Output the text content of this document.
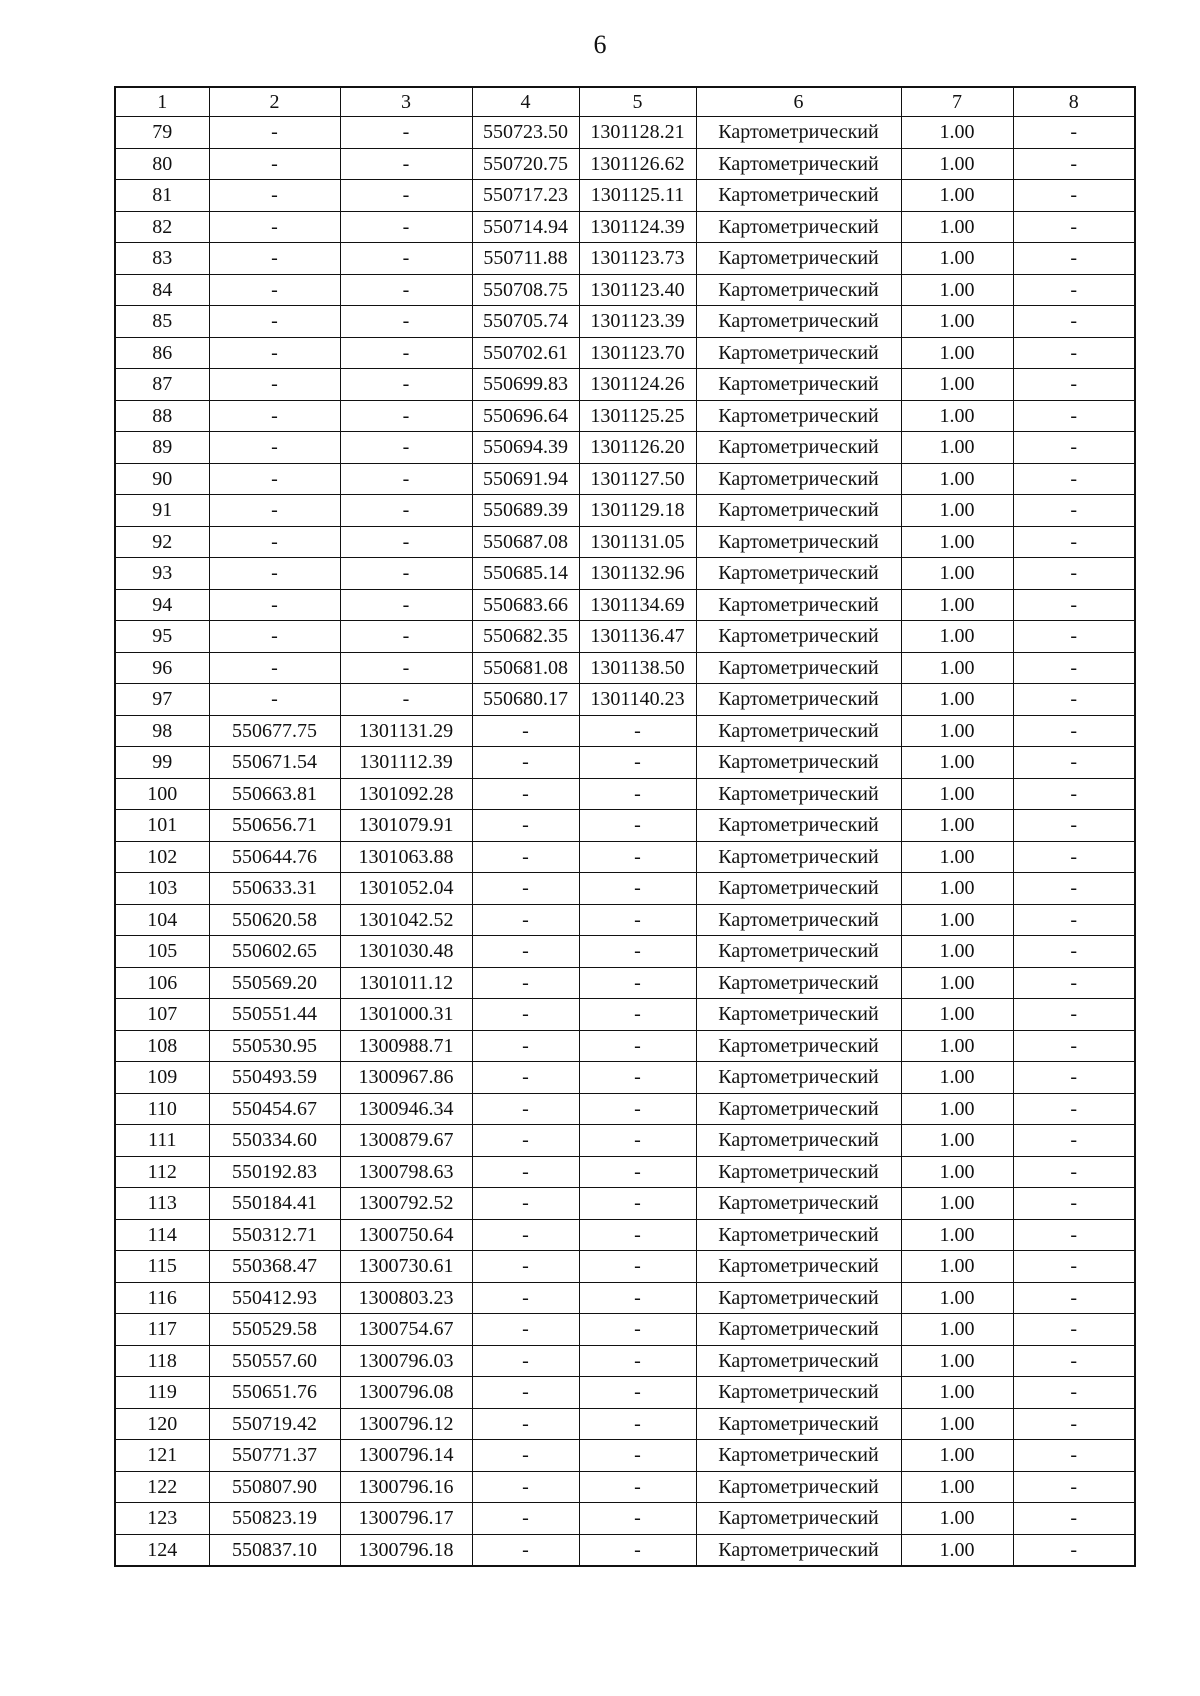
6
1	2	3	4	5	6	7	8
79	-	-	550723.50	1301128.21	Картометрический	1.00	-
80	-	-	550720.75	1301126.62	Картометрический	1.00	-
81	-	-	550717.23	1301125.11	Картометрический	1.00	-
82	-	-	550714.94	1301124.39	Картометрический	1.00	-
83	-	-	550711.88	1301123.73	Картометрический	1.00	-
84	-	-	550708.75	1301123.40	Картометрический	1.00	-
85	-	-	550705.74	1301123.39	Картометрический	1.00	-
86	-	-	550702.61	1301123.70	Картометрический	1.00	-
87	-	-	550699.83	1301124.26	Картометрический	1.00	-
88	-	-	550696.64	1301125.25	Картометрический	1.00	-
89	-	-	550694.39	1301126.20	Картометрический	1.00	-
90	-	-	550691.94	1301127.50	Картометрический	1.00	-
91	-	-	550689.39	1301129.18	Картометрический	1.00	-
92	-	-	550687.08	1301131.05	Картометрический	1.00	-
93	-	-	550685.14	1301132.96	Картометрический	1.00	-
94	-	-	550683.66	1301134.69	Картометрический	1.00	-
95	-	-	550682.35	1301136.47	Картометрический	1.00	-
96	-	-	550681.08	1301138.50	Картометрический	1.00	-
97	-	-	550680.17	1301140.23	Картометрический	1.00	-
98	550677.75	1301131.29	-	-	Картометрический	1.00	-
99	550671.54	1301112.39	-	-	Картометрический	1.00	-
100	550663.81	1301092.28	-	-	Картометрический	1.00	-
101	550656.71	1301079.91	-	-	Картометрический	1.00	-
102	550644.76	1301063.88	-	-	Картометрический	1.00	-
103	550633.31	1301052.04	-	-	Картометрический	1.00	-
104	550620.58	1301042.52	-	-	Картометрический	1.00	-
105	550602.65	1301030.48	-	-	Картометрический	1.00	-
106	550569.20	1301011.12	-	-	Картометрический	1.00	-
107	550551.44	1301000.31	-	-	Картометрический	1.00	-
108	550530.95	1300988.71	-	-	Картометрический	1.00	-
109	550493.59	1300967.86	-	-	Картометрический	1.00	-
110	550454.67	1300946.34	-	-	Картометрический	1.00	-
111	550334.60	1300879.67	-	-	Картометрический	1.00	-
112	550192.83	1300798.63	-	-	Картометрический	1.00	-
113	550184.41	1300792.52	-	-	Картометрический	1.00	-
114	550312.71	1300750.64	-	-	Картометрический	1.00	-
115	550368.47	1300730.61	-	-	Картометрический	1.00	-
116	550412.93	1300803.23	-	-	Картометрический	1.00	-
117	550529.58	1300754.67	-	-	Картометрический	1.00	-
118	550557.60	1300796.03	-	-	Картометрический	1.00	-
119	550651.76	1300796.08	-	-	Картометрический	1.00	-
120	550719.42	1300796.12	-	-	Картометрический	1.00	-
121	550771.37	1300796.14	-	-	Картометрический	1.00	-
122	550807.90	1300796.16	-	-	Картометрический	1.00	-
123	550823.19	1300796.17	-	-	Картометрический	1.00	-
124	550837.10	1300796.18	-	-	Картометрический	1.00	-
